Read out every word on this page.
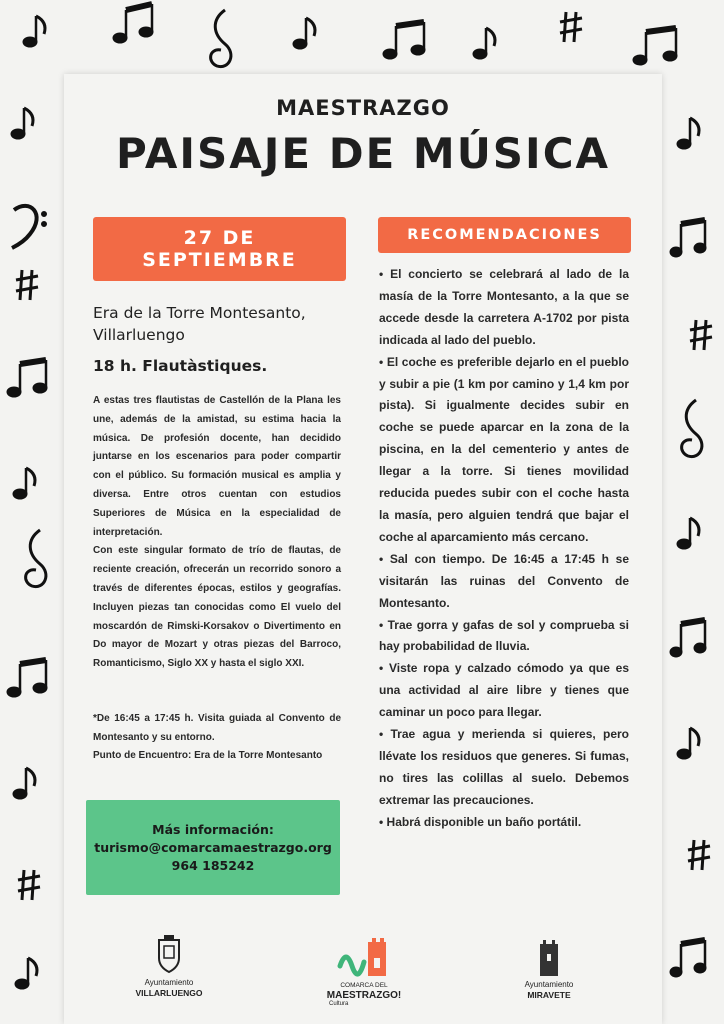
MAESTRAZGO
PAISAJE DE MÚSICA
27 DE SEPTIEMBRE
RECOMENDACIONES
Era de la Torre Montesanto, Villarluengo
18 h. Flautàstiques.

A estas tres flautistas de Castellón de la Plana les une, además de la amistad, su estima hacia la música. De profesión docente, han decidido juntarse en los escenarios para poder compartir con el público. Su formación musical es amplia y diversa. Entre otros cuentan con estudios Superiores de Música en la especialidad de interpretación.

Con este singular formato de trío de flautas, de reciente creación, ofrecerán un recorrido sonoro a través de diferentes épocas, estilos y geografías. Incluyen piezas tan conocidas como El vuelo del moscardón de Rimski-Korsakov o Divertimento en Do mayor de Mozart y otras piezas del Barroco, Romanticismo, Siglo XX y hasta el siglo XXI.

*De 16:45 a 17:45 h. Visita guiada al Convento de Montesanto y su entorno.

Punto de Encuentro: Era de la Torre Montesanto

Más información:
turismo@comarcamaestrazgo.org
964 185242

• El concierto se celebrará al lado de la masía de la Torre Montesanto, a la que se accede desde la carretera A-1702 por pista indicada al lado del pueblo.

• El coche es preferible dejarlo en el pueblo y subir a pie (1 km por camino y 1,4 km por pista). Si igualmente decides subir en coche se puede aparcar en la zona de la piscina, en la del cementerio y antes de llegar a la torre. Si tienes movilidad reducida puedes subir con el coche hasta la masía, pero alguien tendrá que bajar el coche al aparcamiento más cercano.

• Sal con tiempo. De 16:45 a 17:45 h se visitarán las ruinas del Convento de Montesanto.

• Trae gorra y gafas de sol y comprueba si hay probabilidad de lluvia.

• Viste ropa y calzado cómodo ya que es una actividad al aire libre y tienes que caminar un poco para llegar.

• Trae agua y merienda si quieres, pero llévate los residuos que generes. Si fumas, no tires las colillas al suelo. Debemos extremar las precauciones.

• Habrá disponible un baño portátil.

Ayuntamiento
VILLARLUENGO
COMARCA DEL
MAESTRAZGO!
Cultura
Ayuntamiento
MIRAVETE
